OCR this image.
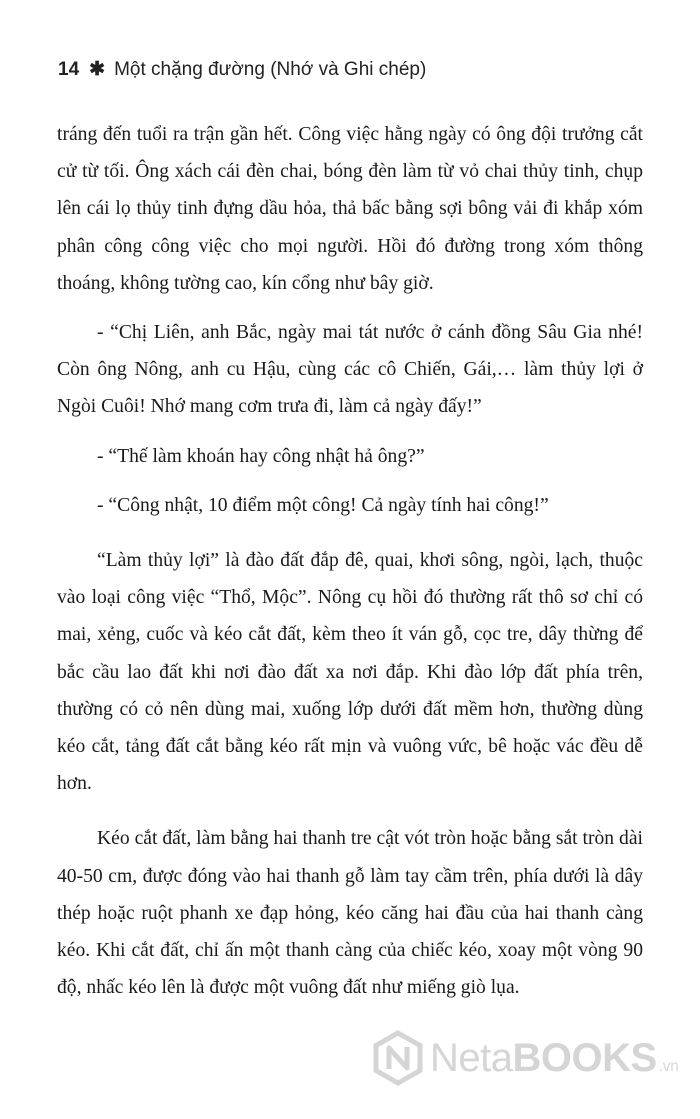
14 ✱ Một chặng đường (Nhớ và Ghi chép)

tráng đến tuổi ra trận gần hết. Công việc hằng ngày có ông đội trưởng cắt cử từ tối. Ông xách cái đèn chai, bóng đèn làm từ vỏ chai thủy tinh, chụp lên cái lọ thủy tinh đựng dầu hỏa, thả bấc bằng sợi bông vải đi khắp xóm phân công công việc cho mọi người. Hồi đó đường trong xóm thông thoáng, không tường cao, kín cổng như bây giờ.

- “Chị Liên, anh Bắc, ngày mai tát nước ở cánh đồng Sâu Gia nhé! Còn ông Nông, anh cu Hậu, cùng các cô Chiến, Gái,… làm thủy lợi ở Ngòi Cuôi! Nhớ mang cơm trưa đi, làm cả ngày đấy!”

- “Thế làm khoán hay công nhật hả ông?”

- “Công nhật, 10 điểm một công! Cả ngày tính hai công!”

“Làm thủy lợi” là đào đất đắp đê, quai, khơi sông, ngòi, lạch, thuộc vào loại công việc “Thổ, Mộc”. Nông cụ hồi đó thường rất thô sơ chỉ có mai, xẻng, cuốc và kéo cắt đất, kèm theo ít ván gỗ, cọc tre, dây thừng để bắc cầu lao đất khi nơi đào đất xa nơi đắp. Khi đào lớp đất phía trên, thường có cỏ nên dùng mai, xuống lớp dưới đất mềm hơn, thường dùng kéo cắt, tảng đất cắt bằng kéo rất mịn và vuông vức, bê hoặc vác đều dễ hơn.

Kéo cắt đất, làm bằng hai thanh tre cật vót tròn hoặc bằng sắt tròn dài 40-50 cm, được đóng vào hai thanh gỗ làm tay cầm trên, phía dưới là dây thép hoặc ruột phanh xe đạp hỏng, kéo căng hai đầu của hai thanh càng kéo. Khi cắt đất, chỉ ấn một thanh càng của chiếc kéo, xoay một vòng 90 độ, nhấc kéo lên là được một vuông đất như miếng giò lụa.

NetaBOOKS .vn
